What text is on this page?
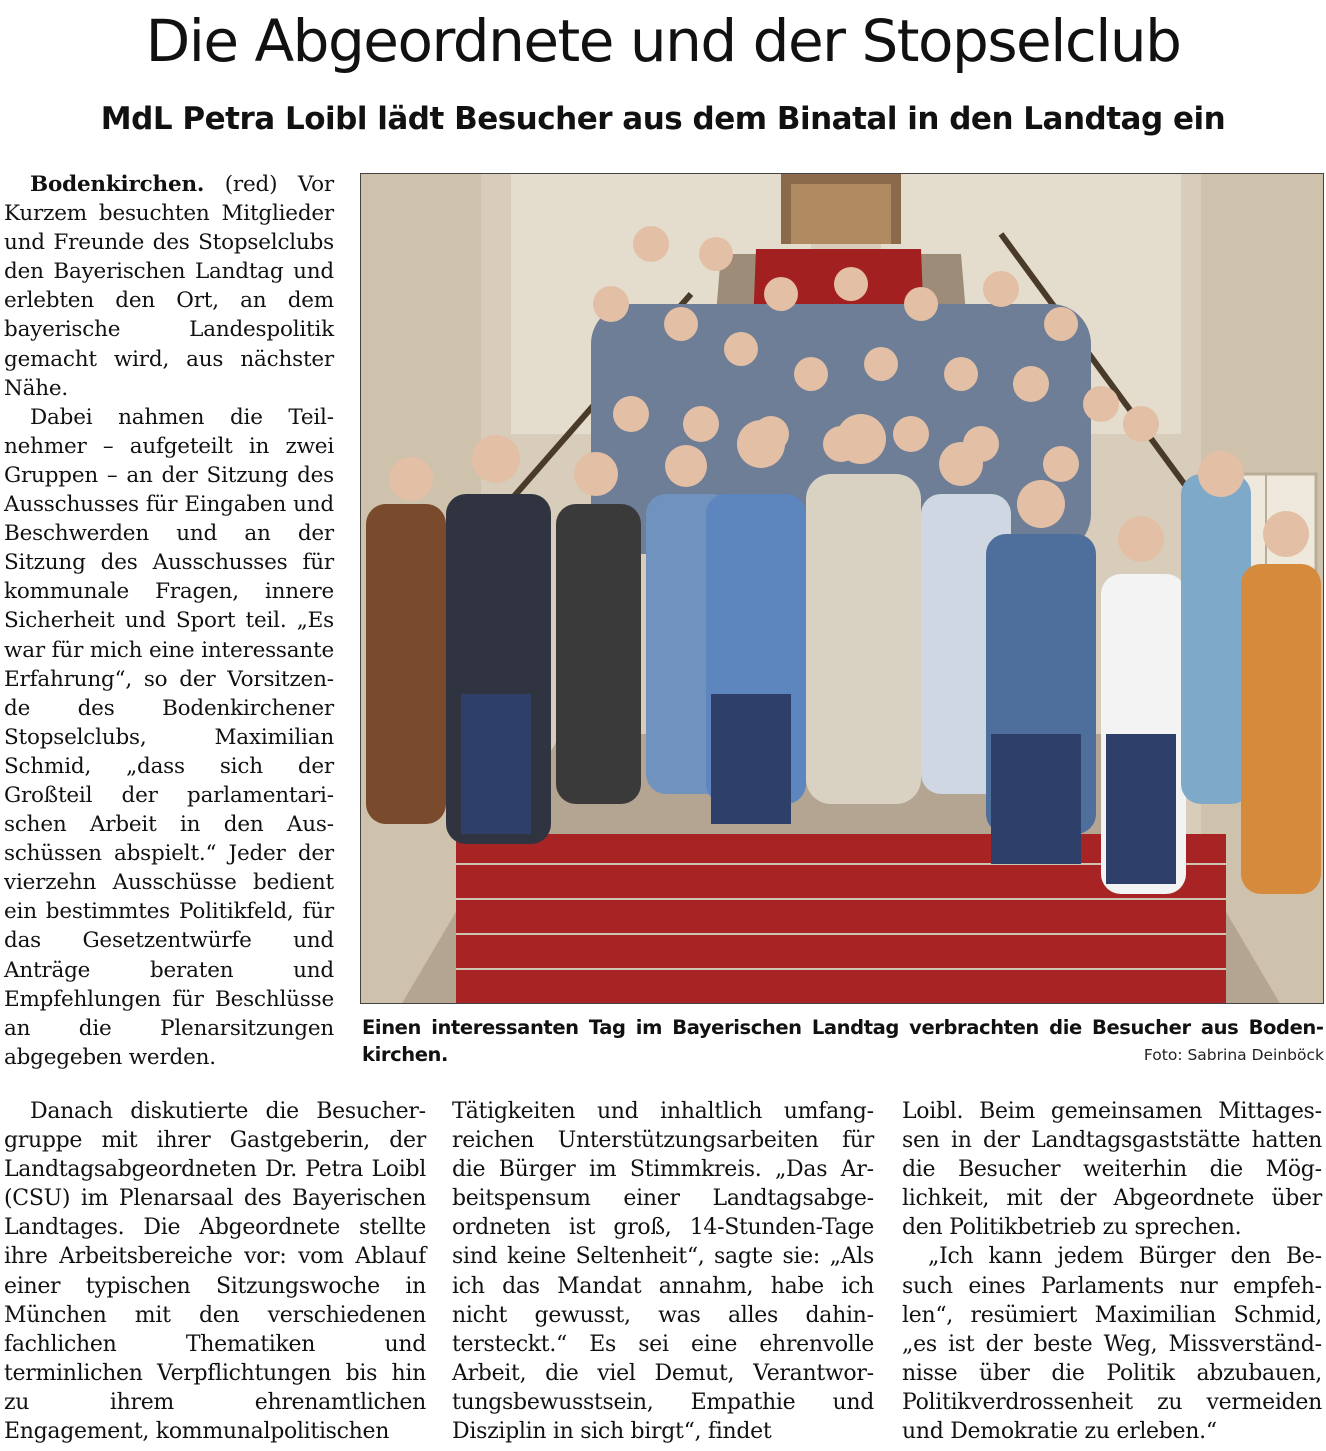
Die Abgeordnete und der Stopselclub
MdL Petra Loibl lädt Besucher aus dem Binatal in den Landtag ein

Bodenkirchen. (red) Vor Kurzem besuchten Mitglieder und Freunde des Stopselclubs den Bayerischen Landtag und erlebten den Ort, an dem bayerische Landespolitik gemacht wird, aus nächster Nähe.

Dabei nahmen die Teilnehmer – aufgeteilt in zwei Gruppen – an der Sitzung des Ausschusses für Eingaben und Beschwerden und an der Sitzung des Ausschusses für kommunale Fragen, innere Sicherheit und Sport teil. „Es war für mich eine interessante Erfahrung“, so der Vorsitzende des Bodenkirchener Stopselclubs, Maximilian Schmid, „dass sich der Großteil der parlamentarischen Arbeit in den Ausschüssen abspielt.“ Jeder der vierzehn Ausschüsse bedient ein bestimmtes Politikfeld, für das Gesetzentwürfe und Anträge beraten und Empfehlungen für Beschlüsse an die Plenarsitzungen abgegeben werden.

Einen interessanten Tag im Bayerischen Landtag verbrachten die Besucher aus Bodenkirchen.	Foto: Sabrina Deinböck

Danach diskutierte die Besuchergruppe mit ihrer Gastgeberin, der Landtagsabgeordneten Dr. Petra Loibl (CSU) im Plenarsaal des Bayerischen Landtages. Die Abgeordnete stellte ihre Arbeitsbereiche vor: vom Ablauf einer typischen Sitzungswoche in München mit den verschiedenen fachlichen Thematiken und terminlichen Verpflichtungen bis hin zu ihrem ehrenamtlichen Engagement, kommunalpolitischen

Tätigkeiten und inhaltlich umfangreichen Unterstützungsarbeiten für die Bürger im Stimmkreis. „Das Arbeitspensum einer Landtagsabgeordneten ist groß, 14-Stunden-Tage sind keine Seltenheit“, sagte sie: „Als ich das Mandat annahm, habe ich nicht gewusst, was alles dahintersteckt.“ Es sei eine ehrenvolle Arbeit, die viel Demut, Verantwortungsbewusstsein, Empathie und Disziplin in sich birgt“, findet

Loibl. Beim gemeinsamen Mittagessen in der Landtagsgaststätte hatten die Besucher weiterhin die Möglichkeit, mit der Abgeordnete über den Politikbetrieb zu sprechen.

„Ich kann jedem Bürger den Besuch eines Parlaments nur empfehlen“, resümiert Maximilian Schmid, „es ist der beste Weg, Missverständnisse über die Politik abzubauen, Politikverdrossenheit zu vermeiden und Demokratie zu erleben.“
